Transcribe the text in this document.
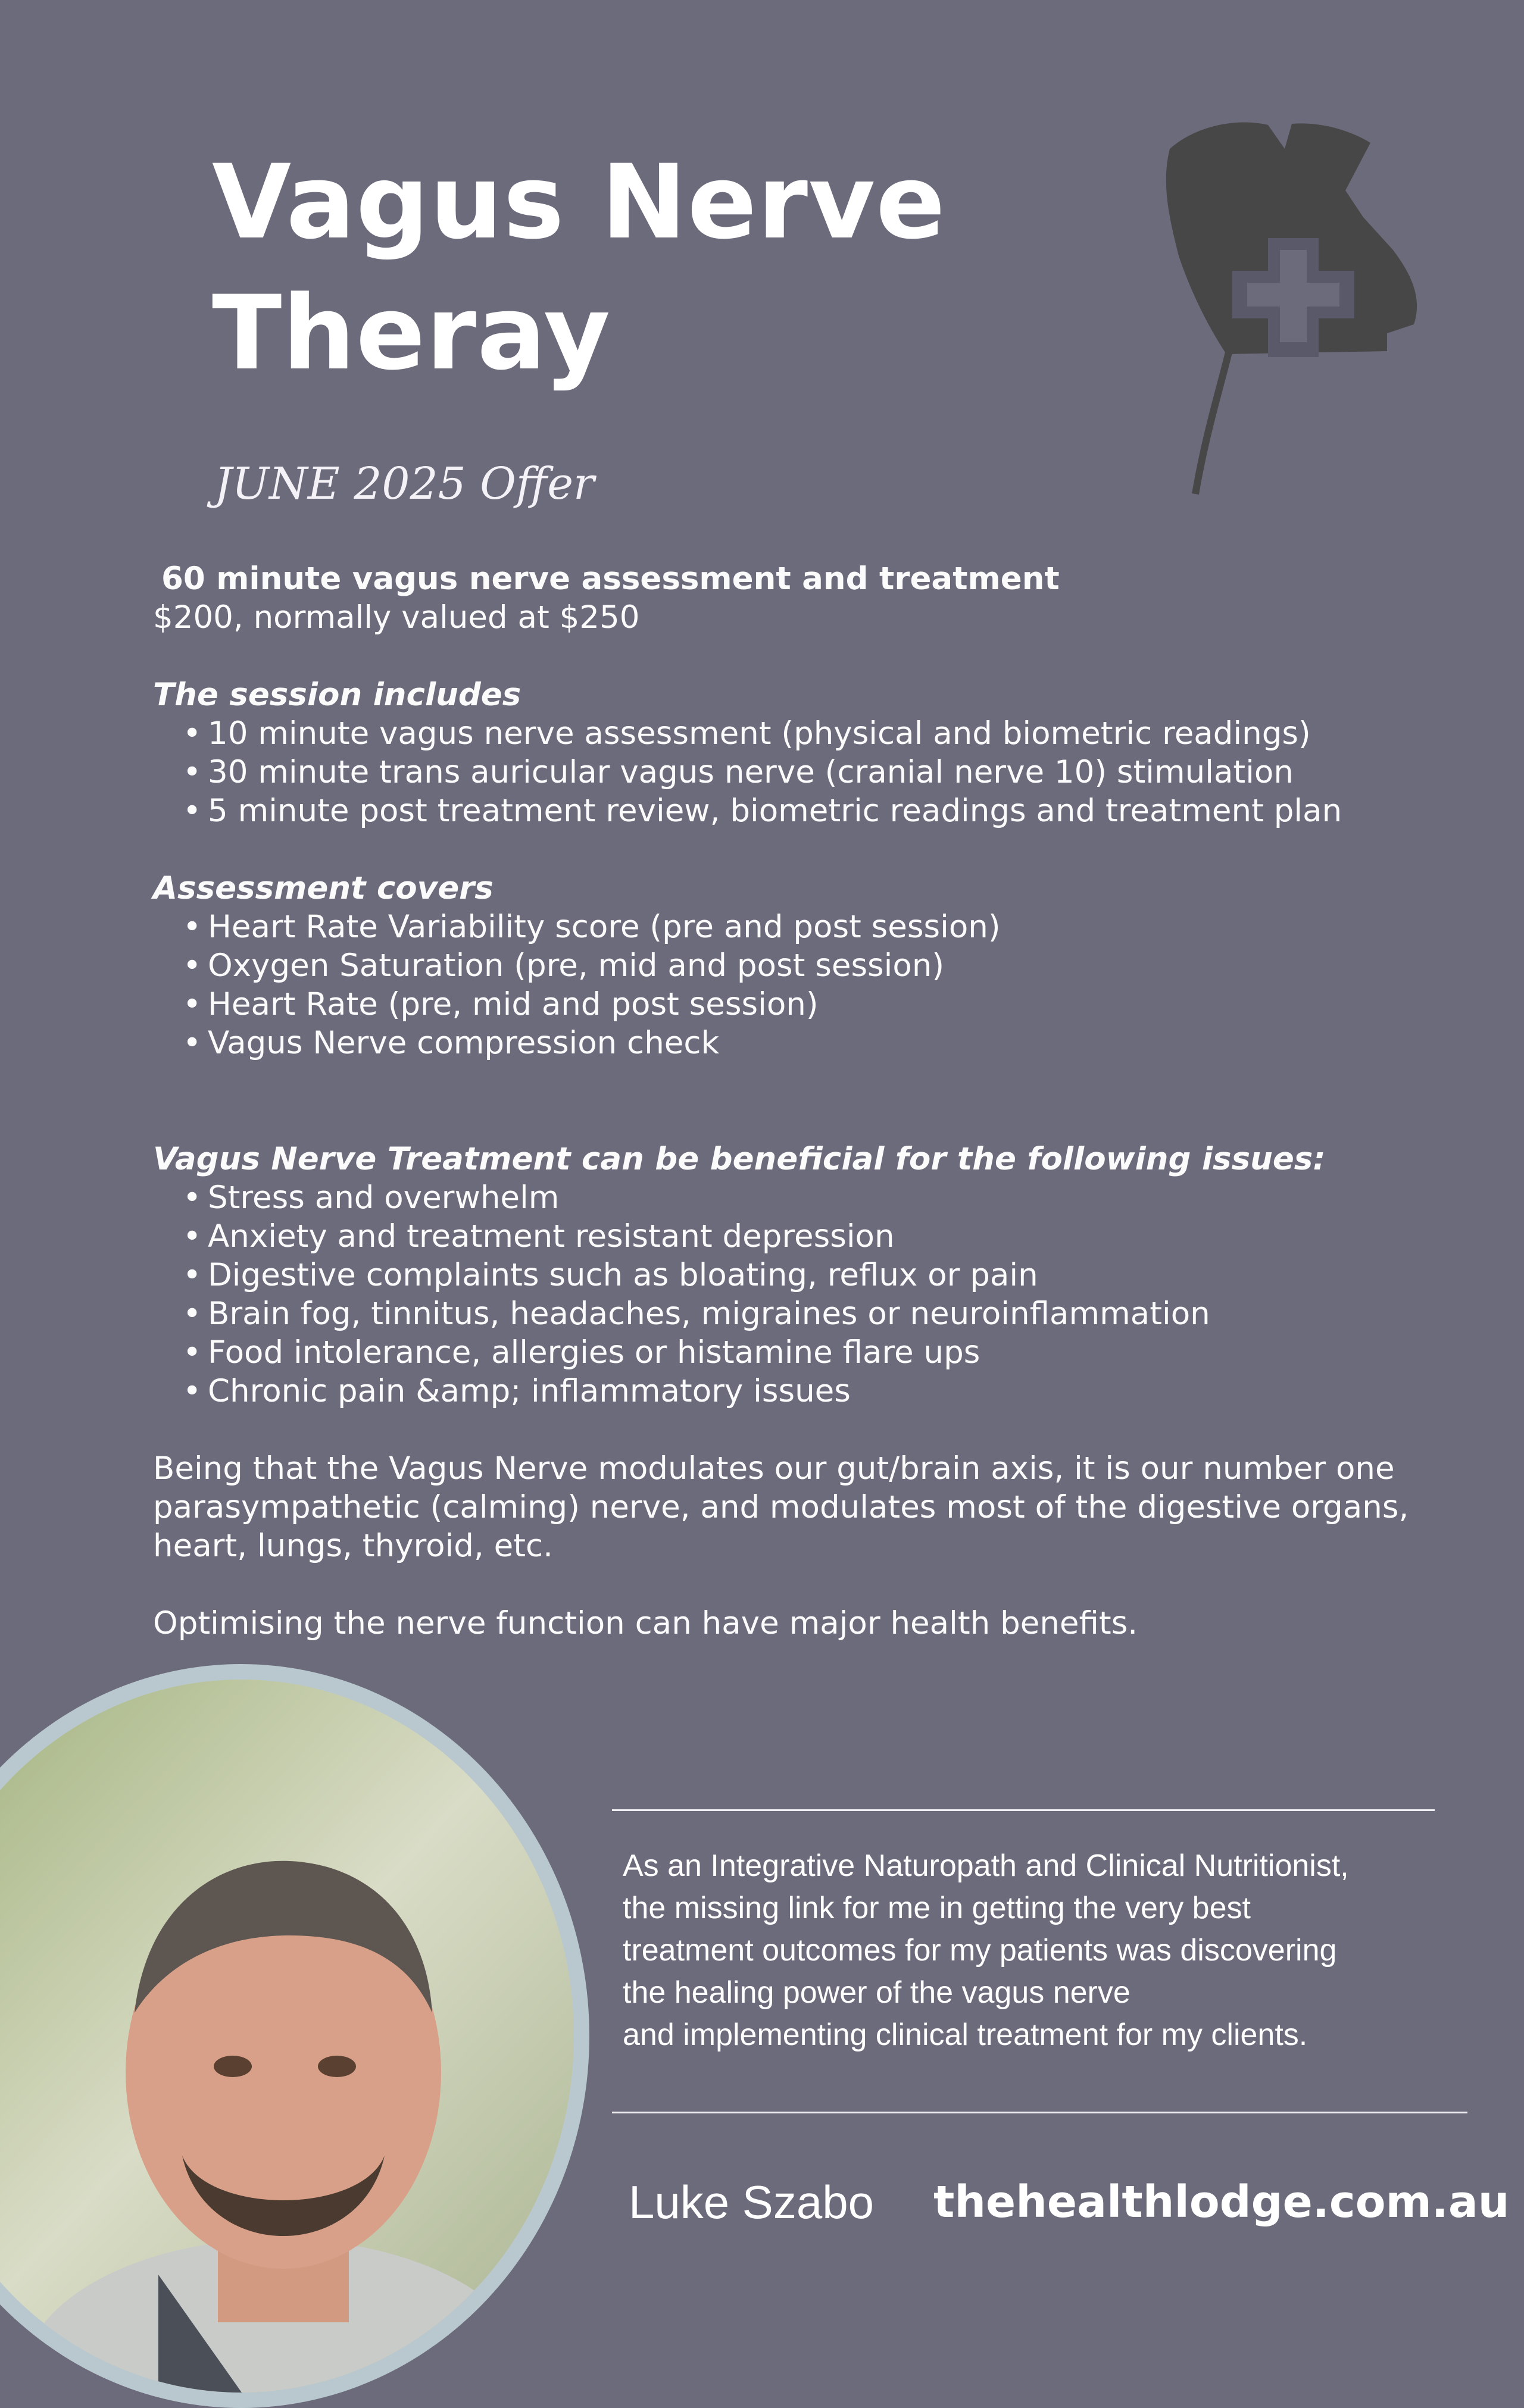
Vagus Nerve
Theray
JUNE 2025 Offer

60 minute vagus nerve assessment and treatment

$200, normally valued at $250

The session includes

• 10 minute vagus nerve assessment (physical and biometric readings)
• 30 minute trans auricular vagus nerve (cranial nerve 10) stimulation
• 5 minute post treatment review, biometric readings and treatment plan

Assessment covers

• Heart Rate Variability score (pre and post session)
• Oxygen Saturation (pre, mid and post session)
• Heart Rate (pre, mid and post session)
• Vagus Nerve compression check

Vagus Nerve Treatment can be beneficial for the following issues:

• Stress and overwhelm
• Anxiety and treatment resistant depression
• Digestive complaints such as bloating, reflux or pain
• Brain fog, tinnitus, headaches, migraines or neuroinflammation
• Food intolerance, allergies or histamine flare ups
• Chronic pain &amp; inflammatory issues

Being that the Vagus Nerve modulates our gut/brain axis, it is our number one parasympathetic (calming) nerve, and modulates most of the digestive organs, heart, lungs, thyroid, etc.

Optimising the nerve function can have major health benefits.

As an Integrative Naturopath and Clinical Nutritionist,
the missing link for me in getting the very best
treatment outcomes for my patients was discovering
the healing power of the vagus nerve
and implementing clinical treatment for my clients.
Luke Szabo thehealthlodge.com.au
